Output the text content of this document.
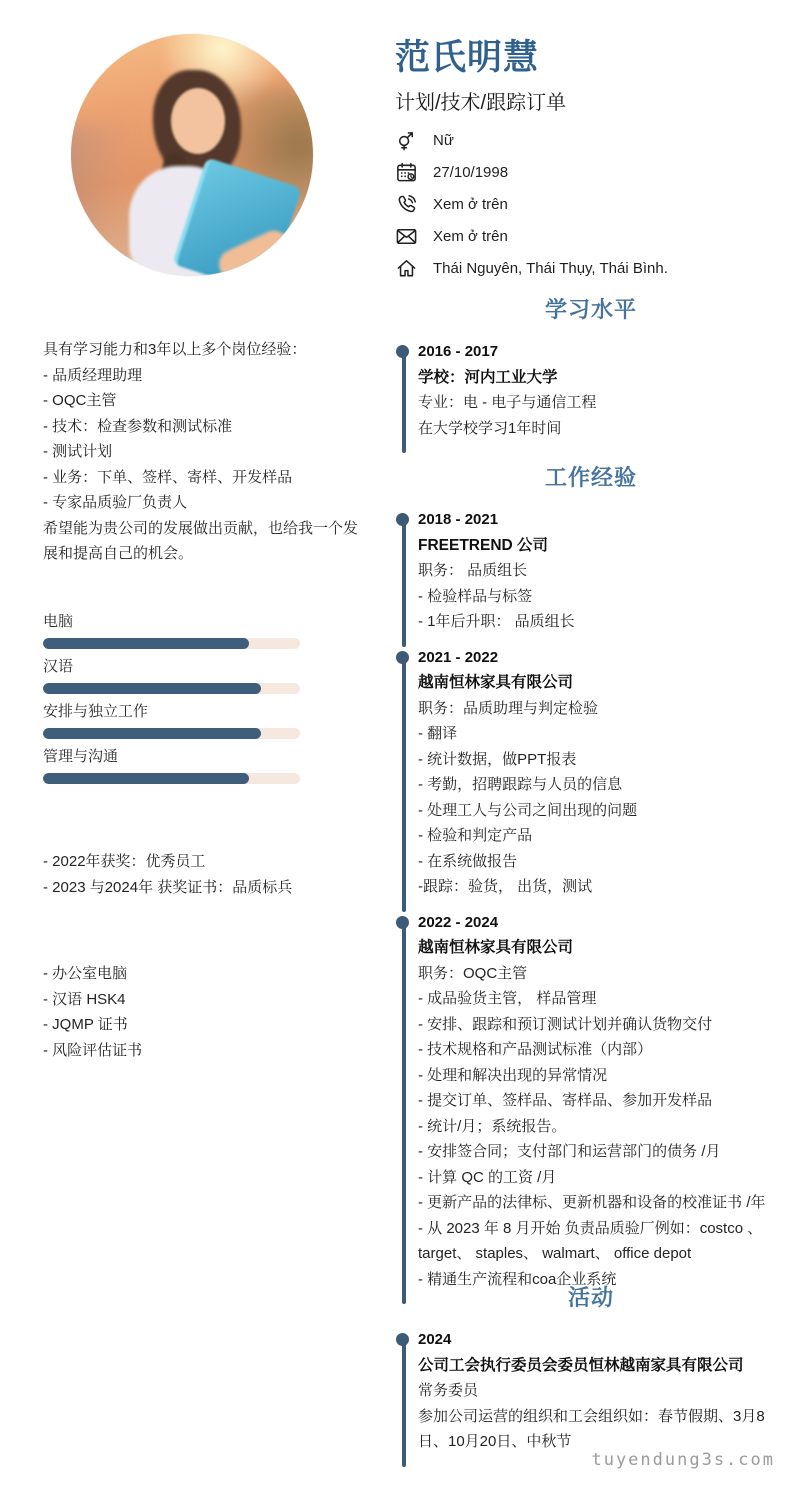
具有学习能力和3年以上多个岗位经验：
- 品质经理助理
- OQC主管
- 技术：检查参数和测试标准
- 测试计划
- 业务：下单、签样、寄样、开发样品
- 专家品质验厂负责人
希望能为贵公司的发展做出贡献，也给我一个发展和提高自己的机会。
电脑
汉语
安排与独立工作
管理与沟通
- 2022年获奖：优秀员工
- 2023 与2024年 获奖证书：品质标兵
- 办公室电脑
- 汉语 HSK4
- JQMP 证书
- 风险评估证书
范氏明慧
计划/技术/跟踪订单
Nữ
27/10/1998
Xem ở trên
Xem ở trên
Thái Nguyên, Thái Thụy, Thái Bình.
学习水平
2016 - 2017
学校：河内工业大学
专业：电 - 电子与通信工程
在大学校学习1年时间
工作经验
2018 - 2021
FREETREND 公司
职务： 品质组长
- 检验样品与标签
- 1年后升职： 品质组长
2021 - 2022
越南恒林家具有限公司
职务：品质助理与判定检验
- 翻译
- 统计数据，做PPT报表
- 考勤，招聘跟踪与人员的信息
- 处理工人与公司之间出现的问题
- 检验和判定产品
- 在系统做报告
-跟踪：验货， 出货，测试
2022 - 2024
越南恒林家具有限公司
职务：OQC主管
- 成品验货主管， 样品管理
- 安排、跟踪和预订测试计划并确认货物交付
- 技术规格和产品测试标准（内部）
- 处理和解决出现的异常情况
- 提交订单、签样品、寄样品、参加开发样品
- 统计/月；系统报告。
- 安排签合同；支付部门和运营部门的债务 /月
- 计算 QC 的工资 /月
- 更新产品的法律标、更新机器和设备的校准证书 /年
- 从 2023 年 8 月开始 负责品质验厂例如：costco 、target、 staples、 walmart、 office depot
- 精通生产流程和coa企业系统
活动
2024
公司工会执行委员会委员恒林越南家具有限公司
常务委员
参加公司运营的组织和工会组织如：春节假期、3月8日、10月20日、中秋节
tuyendung3s.com
